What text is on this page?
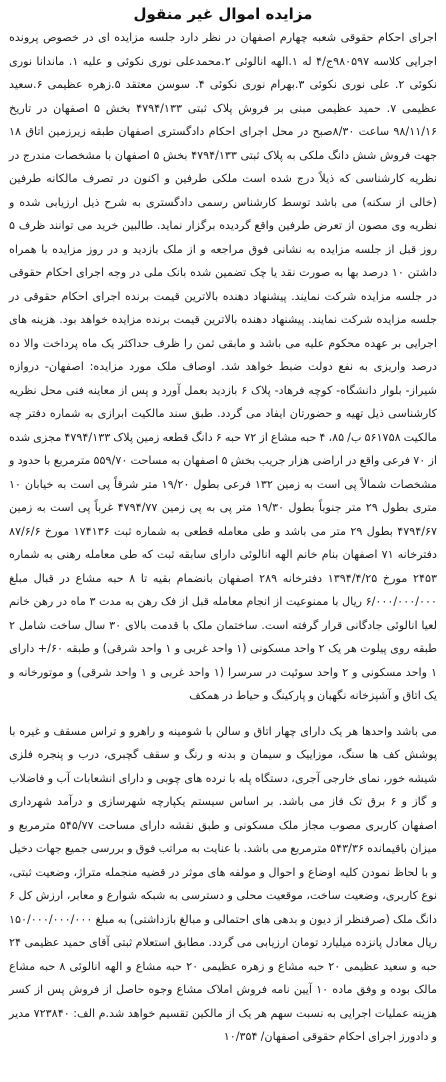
مزایده اموال غیر منقول

اجرای احکام حقوقی شعبه چهارم اصفهان در نظر دارد جلسه مزایده ای در خصوص پرونده اجرایی کلاسه ۹۸۰۵۹۷ج/۴ له ۱.الهه انالوئی ۲.محمدعلی نوری نکوئی و علیه ۱. ماندانا نوری نکوئی ۲. علی نوری نکوئی ۳.بهرام نوری نکوئی ۴. سوسن معتقد ۵.زهره عظیمی ۶.سعید عظیمی ۷. حمید عظیمی مبنی بر فروش پلاک ثبتی ۴۷۹۴/۱۳۳ بخش ۵ اصفهان در تاریخ ۹۸/۱۱/۱۶ ساعت ۸/۳۰صبح در محل اجرای احکام دادگستری اصفهان طبقه زیرزمین اتاق ۱۸ جهت فروش شش دانگ ملکی به پلاک ثبتی ۴۷۹۴/۱۳۳ بخش ۵ اصفهان با مشخصات مندرج در نظریه کارشناسی که ذیلاً درج شده است ملکی طرفین و اکنون در تصرف مالکانه طرفین (خالی از سکنه) می باشد توسط کارشناس رسمی دادگستری به شرح ذیل ارزیابی شده و نظریه وی مصون از تعرض طرفین واقع گردیده برگزار نماید. طالبین خرید می توانند ظرف ۵ روز قبل از جلسه مزایده به نشانی فوق مراجعه و از ملک بازدید و در روز مزایده با همراه داشتن ۱۰ درصد بها به صورت نقد یا چک تضمین شده بانک ملی در وجه اجرای احکام حقوقی در جلسه مزایده شرکت نمایند. پیشنهاد دهنده بالاترین قیمت برنده اجرای احکام حقوقی در جلسه مزایده شرکت نمایند. پیشنهاد دهنده بالاترین قیمت برنده مزایده خواهد بود. هزینه های اجرایی بر عهده محکوم علیه می باشد و مابقی ثمن را ظرف حداکثر یک ماه پرداخت والا ده درصد واریزی به نفع دولت ضبط خواهد شد. اوصاف ملک مورد مزایده: اصفهان- دروازه شیراز- بلوار دانشگاه- کوچه فرهاد- پلاک ۶ بازدید بعمل آورد و پس از معاینه فنی محل نظریه کارشناسی ذیل تهیه و حضورتان ایفاد می گردد. طبق سند مالکیت ابرازی به شماره دفتر چه مالکیت ۵۶۱۷۵۸ ب/ ۸۵، ۴ حبه مشاع از ۷۲ حبه ۶ دانگ قطعه زمین پلاک ۴۷۹۴/۱۳۳ مجزی شده از ۷۰ فرعی واقع در اراضی هزار جریب بخش ۵ اصفهان به مساحت ۵۵۹/۷۰ مترمربع با حدود و مشخصات شمالاً پی است به زمین ۱۳۲ فرعی بطول ۱۹/۲۰ متر شرقاً پی است به خیابان ۱۰ متری بطول ۲۹ متر جنوباً بطول ۱۹/۳۰ متر پی به پی زمین ۴۷۹۴/۷۷ غرباً پی است به زمین ۴۷۹۴/۶۷ بطول ۲۹ متر می باشد و طی معامله قطعی به شماره ثبت ۱۷۴۱۳۶ مورخ ۸۷/۶/۶ دفترخانه ۷۱ اصفهان بنام خانم الهه انالوئی دارای سابقه ثبت که طی معامله رهنی به شماره ۲۴۵۳ مورخ ۱۳۹۴/۴/۲۵ دفترخانه ۲۸۹ اصفهان بانضمام بقیه تا ۸ حبه مشاع در قبال مبلغ ۶/۰۰۰/۰۰۰/۰۰۰ ریال با ممنوعیت از انجام معامله قبل از فک رهن به مدت ۳ ماه در رهن خانم لعیا انالوئی جادگانی قرار گرفته است. ساختمان ملک با قدمت بالای ۳۰ سال ساخت شامل ۲ طبقه روی پیلوت هر یک ۲ واحد مسکونی (۱ واحد غربی و ۱ واحد شرقی) و طبقه ۶۰/+ دارای ۱ واحد مسکونی و ۲ واحد سوئیت در سرسرا (۱ واحد غربی و ۱ واحد شرقی) و موتورخانه و یک اتاق و آشپزخانه نگهبان و پارکینگ و حیاط در همکف

می باشد واحدها هر یک دارای چهار اتاق و سالن با شومینه و راهرو و تراس مسقف و غیره با پوشش کف ها سنگ، موزاییک و سیمان و بدنه و رنگ و سقف گچبری، درب و پنجره فلزی شیشه خور، نمای خارجی آجری، دستگاه پله با نرده های چوبی و دارای انشعابات آب و فاضلاب و گاز و ۶ برق تک فاز می باشد. بر اساس سیستم یکپارچه شهرسازی و درآمد شهرداری اصفهان کاربری مصوب مجاز ملک مسکونی و طبق نقشه دارای مساحت ۵۴۵/۷۷ مترمربع و میزان باقیمانده ۵۴۳/۳۶ مترمربع می باشد. با عنایت به مراتب فوق و بررسی جمیع جهات دخیل و با لحاظ نمودن کلیه اوضاع و احوال و مولفه های موثر در قضیه منجمله متراژ، وضعیت ثبتی، نوع کاربری، وضعیت ساخت، موقعیت محلی و دسترسی به شبکه شوارع و معابر، ارزش کل ۶ دانگ ملک (صرفنظر از دیون و بدهی های احتمالی و مبالغ بازداشتی) به مبلغ ۱۵۰/۰۰۰/۰۰۰/۰۰۰ ریال معادل پانزده میلیارد تومان ارزیابی می گردد. مطابق استعلام ثبتی آقای حمید عظیمی ۲۴ حبه و سعید عظیمی ۲۰ حبه مشاع و زهره عظیمی ۲۰ حبه مشاع و الهه انالوئی ۸ حبه مشاع مالک بوده و وفق ماده ۱۰ آیین نامه فروش املاک مشاع وجوه حاصل از فروش پس از کسر هزینه عملیات اجرایی به نسبت سهم هر یک از مالکین تقسیم خواهد شد.م الف: ۷۲۳۸۴۰ مدیر و دادورز اجرای احکام حقوقی اصفهان/ ۱۰/۳۵۴
